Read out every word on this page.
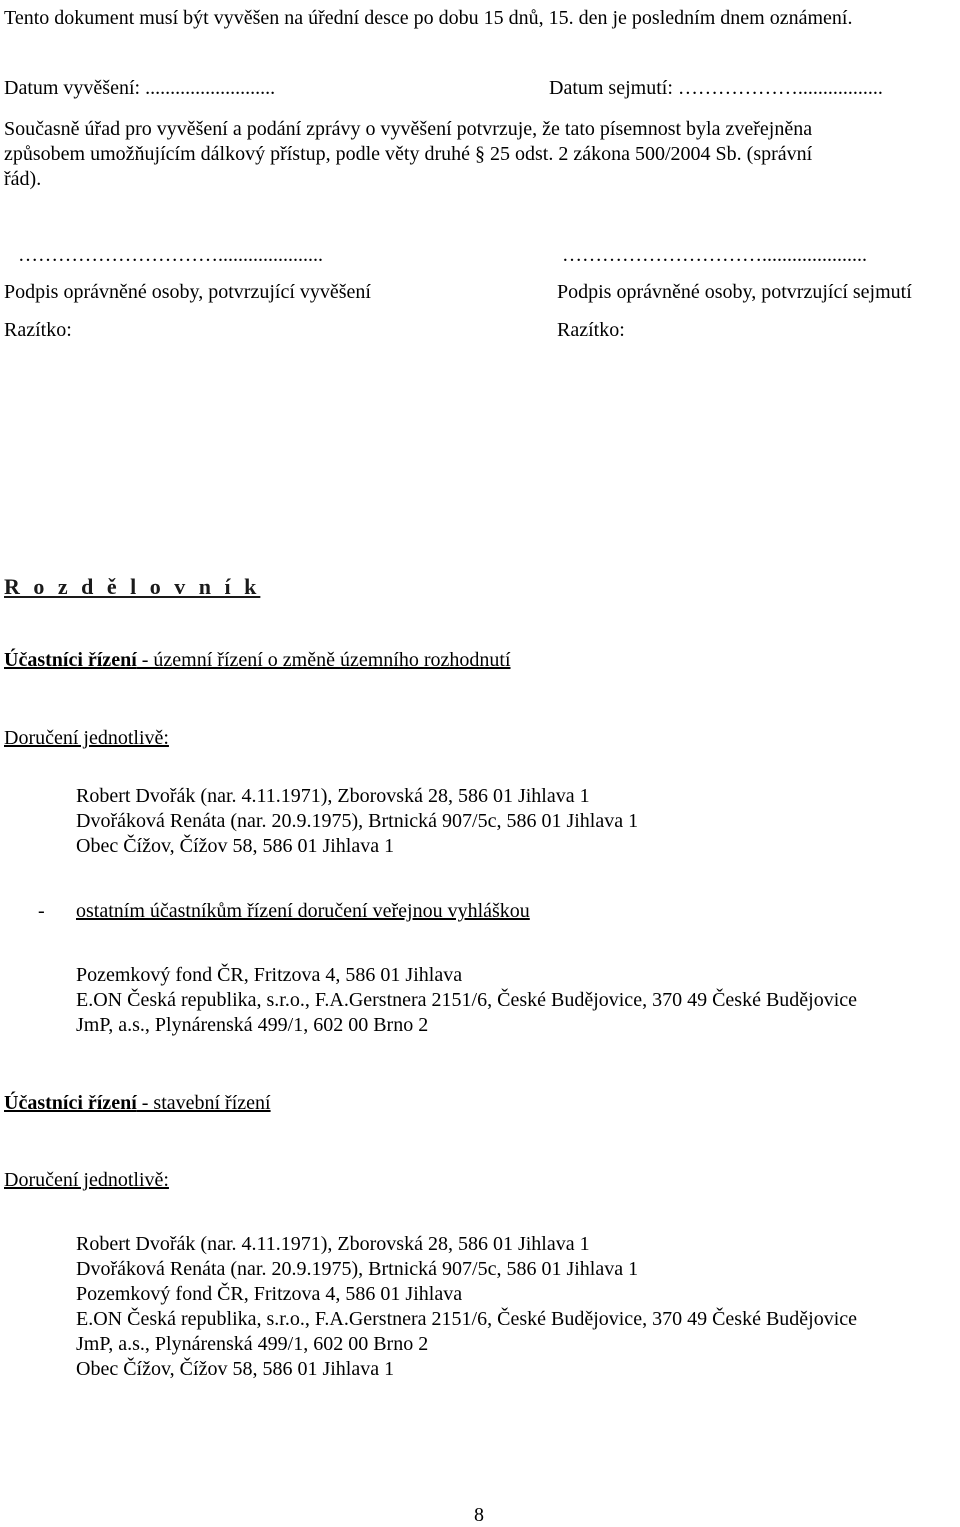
Tento dokument musí být vyvěšen na úřední desce po dobu 15 dnů, 15. den je posledním dnem oznámení.
Datum vyvěšení: ..........................	Datum sejmutí: ……………….................
Současně úřad pro vyvěšení a podání zprávy o vyvěšení potvrzuje, že tato písemnost byla zveřejněna
způsobem umožňujícím dálkový přístup, podle věty druhé § 25 odst. 2 zákona 500/2004 Sb. (správní
řád).
………………………….....................
Podpis oprávněné osoby, potvrzující vyvěšení
Razítko:
………………………….....................
Podpis oprávněné osoby, potvrzující sejmutí
Razítko:
R o z d ě l o v n í k
Účastníci řízení - územní řízení o změně územního rozhodnutí
Doručení jednotlivě:
Robert Dvořák (nar. 4.11.1971), Zborovská 28, 586 01 Jihlava 1
Dvořáková Renáta (nar. 20.9.1975), Brtnická 907/5c, 586 01 Jihlava 1
Obec Čížov, Čížov 58, 586 01 Jihlava 1
- ostatním účastníkům řízení doručení veřejnou vyhláškou
Pozemkový fond ČR, Fritzova 4, 586 01 Jihlava
E.ON Česká republika, s.r.o., F.A.Gerstnera 2151/6, České Budějovice, 370 49 České Budějovice
JmP, a.s., Plynárenská 499/1, 602 00 Brno 2
Účastníci řízení - stavební řízení
Doručení jednotlivě:
Robert Dvořák (nar. 4.11.1971), Zborovská 28, 586 01 Jihlava 1
Dvořáková Renáta (nar. 20.9.1975), Brtnická 907/5c, 586 01 Jihlava 1
Pozemkový fond ČR, Fritzova 4, 586 01 Jihlava
E.ON Česká republika, s.r.o., F.A.Gerstnera 2151/6, České Budějovice, 370 49 České Budějovice
JmP, a.s., Plynárenská 499/1, 602 00 Brno 2
Obec Čížov, Čížov 58, 586 01 Jihlava 1
8
